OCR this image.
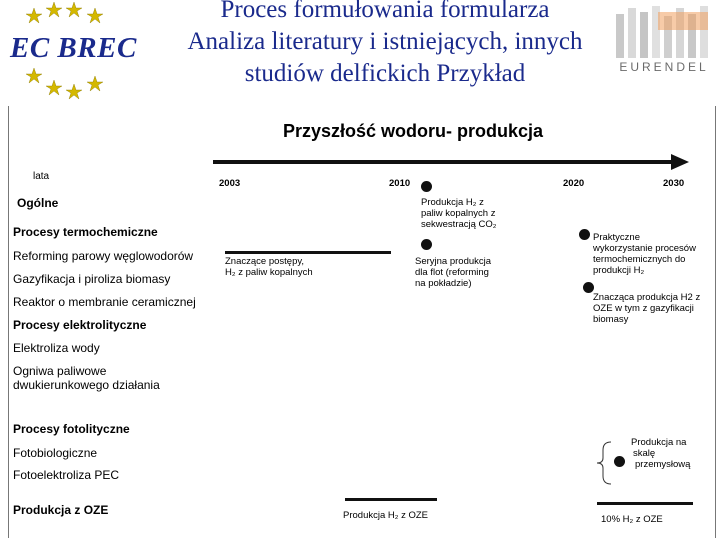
EC BREC
Proces formułowania formularza
Analiza literatury i istniejących, innych
studiów delfickich Przykład	EURENDEL
Przyszłość wodoru- produkcja
lata
2003	2010	2020	2030
Ogólne
Procesy termochemiczne
Reforming parowy węglowodorów
Gazyfikacja i piroliza biomasy
Reaktor o membranie ceramicznej
Procesy elektrolityczne
Elektroliza wody
Ogniwa paliwowe
dwukierunkowego działania
Procesy fotolityczne
Fotobiologiczne
Fotoelektroliza PEC
Produkcja z OZE
Produkcja H₂ z
paliw kopalnych z
sekwestracją CO₂
Znaczące postępy,
H₂ z paliw kopalnych
Seryjna produkcja
dla flot (reforming
na pokładzie)
Praktyczne
wykorzystanie procesów
termochemicznych do
produkcji H₂
Znacząca produkcja H2 z
OZE w tym z gazyfikacji
biomasy
Produkcja na
skalę
przemysłową
Produkcja H₂ z OZE	10% H₂ z OZE
